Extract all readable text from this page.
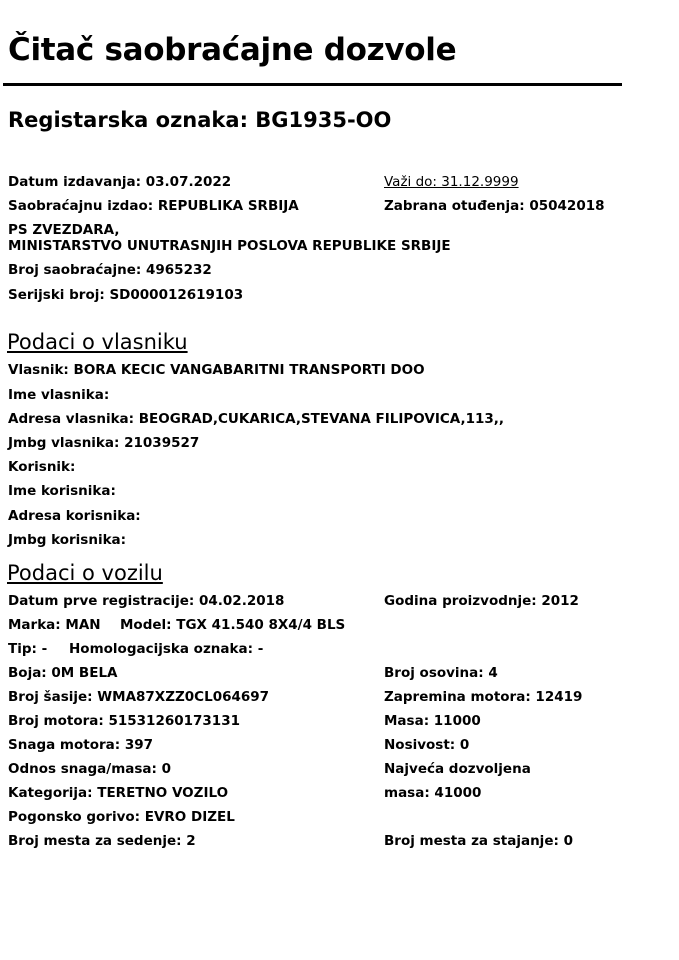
Čitač saobraćajne dozvole
Registarska oznaka: BG1935-OO
Datum izdavanja: 03.07.2022	Važi do: 31.12.9999
Saobraćajnu izdao: REPUBLIKA SRBIJA	Zabrana otuđenja: 05042018
PS ZVEZDARA,
MINISTARSTVO UNUTRASNJIH POSLOVA REPUBLIKE SRBIJE
Broj saobraćajne: 4965232
Serijski broj: SD000012619103
Podaci o vlasniku
Vlasnik: BORA KECIC VANGABARITNI TRANSPORTI DOO
Ime vlasnika:
Adresa vlasnika: BEOGRAD,CUKARICA,STEVANA FILIPOVICA,113,,
Jmbg vlasnika: 21039527
Korisnik:
Ime korisnika:
Adresa korisnika:
Jmbg korisnika:
Podaci o vozilu
Datum prve registracije: 04.02.2018	Godina proizvodnje: 2012
Marka: MAN Model: TGX 41.540 8X4/4 BLS
Tip: - Homologacijska oznaka: -
Boja: 0M BELA	Broj osovina: 4
Broj šasije: WMA87XZZ0CL064697	Zapremina motora: 12419
Broj motora: 51531260173131	Masa: 11000
Snaga motora: 397	Nosivost: 0
Odnos snaga/masa: 0	Najveća dozvoljena
Kategorija: TERETNO VOZILO	masa: 41000
Pogonsko gorivo: EVRO DIZEL
Broj mesta za sedenje: 2	Broj mesta za stajanje: 0
